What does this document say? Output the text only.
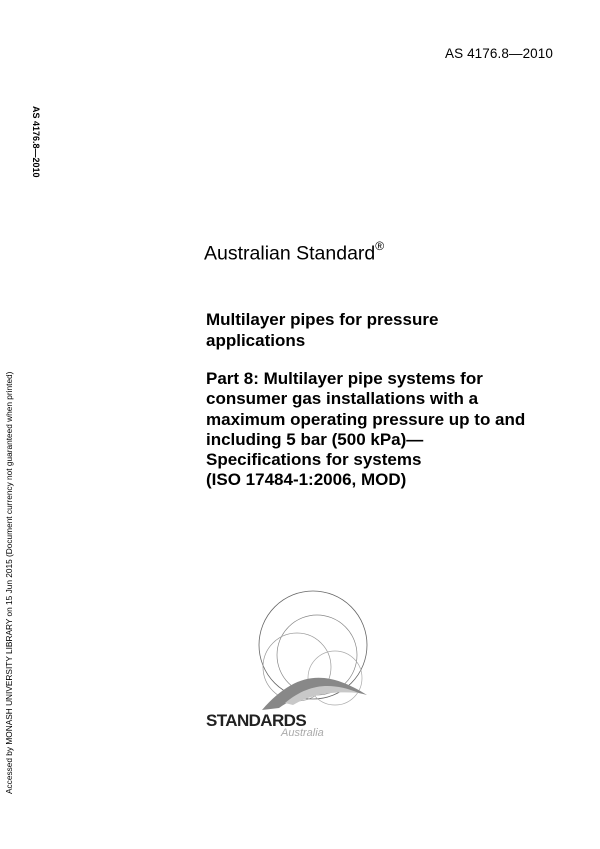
AS 4176.8—2010
AS 4176.8—2010
Accessed by MONASH UNIVERSITY LIBRARY on 15 Jun 2015 (Document currency not guaranteed when printed)
Australian Standard®
Multilayer pipes for pressure
applications
Part 8: Multilayer pipe systems for
consumer gas installations with a
maximum operating pressure up to and
including 5 bar (500 kPa)—
Specifications for systems
(ISO 17484-1:2006, MOD)
STANDARDS
Australia
